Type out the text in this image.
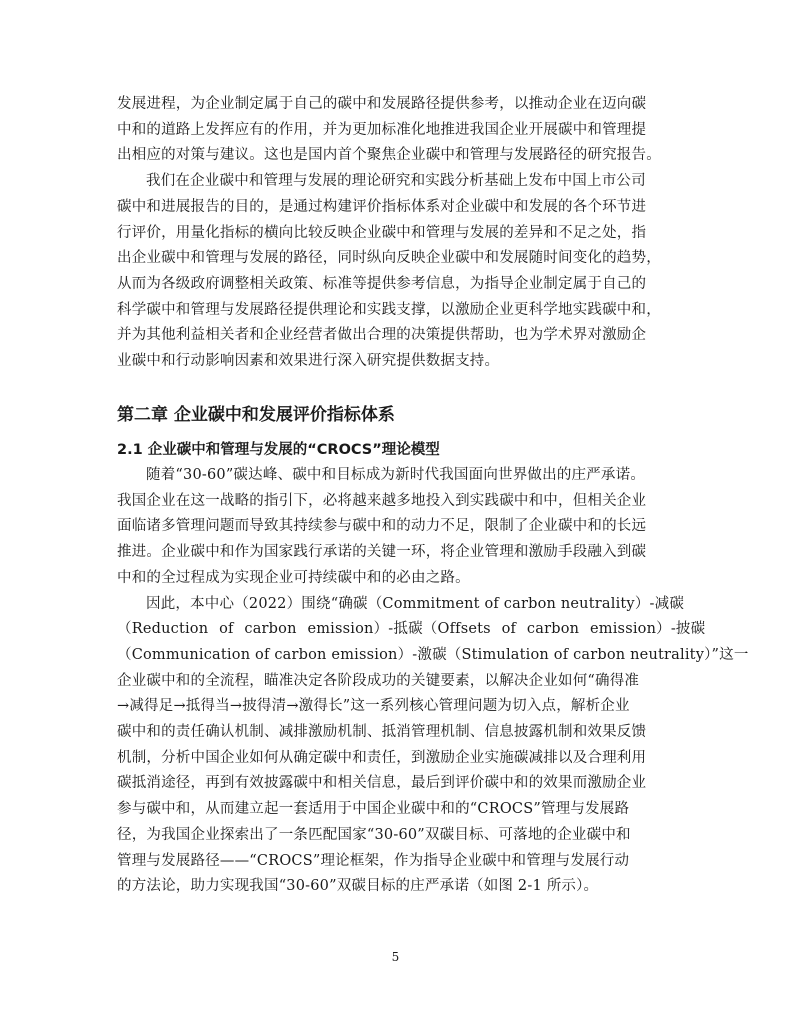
发展进程，为企业制定属于自己的碳中和发展路径提供参考，以推动企业在迈向碳
中和的道路上发挥应有的作用，并为更加标准化地推进我国企业开展碳中和管理提
出相应的对策与建议。这也是国内首个聚焦企业碳中和管理与发展路径的研究报告。

我们在企业碳中和管理与发展的理论研究和实践分析基础上发布中国上市公司
碳中和进展报告的目的，是通过构建评价指标体系对企业碳中和发展的各个环节进
行评价，用量化指标的横向比较反映企业碳中和管理与发展的差异和不足之处，指
出企业碳中和管理与发展的路径，同时纵向反映企业碳中和发展随时间变化的趋势，
从而为各级政府调整相关政策、标准等提供参考信息，为指导企业制定属于自己的
科学碳中和管理与发展路径提供理论和实践支撑，以激励企业更科学地实践碳中和，
并为其他利益相关者和企业经营者做出合理的决策提供帮助，也为学术界对激励企
业碳中和行动影响因素和效果进行深入研究提供数据支持。

第二章 企业碳中和发展评价指标体系
2.1 企业碳中和管理与发展的“CROCS”理论模型

随着“30-60”碳达峰、碳中和目标成为新时代我国面向世界做出的庄严承诺。
我国企业在这一战略的指引下，必将越来越多地投入到实践碳中和中，但相关企业
面临诸多管理问题而导致其持续参与碳中和的动力不足，限制了企业碳中和的长远
推进。企业碳中和作为国家践行承诺的关键一环，将企业管理和激励手段融入到碳
中和的全过程成为实现企业可持续碳中和的必由之路。

因此，本中心（2022）围绕“确碳（Commitment of carbon neutrality）-减碳
（Reduction of carbon emission）-抵碳（Offsets of carbon emission）-披碳
（Communication of carbon emission）-激碳（Stimulation of carbon neutrality）”这一
企业碳中和的全流程，瞄准决定各阶段成功的关键要素，以解决企业如何“确得准
→减得足→抵得当→披得清→激得长”这一系列核心管理问题为切入点，解析企业
碳中和的责任确认机制、减排激励机制、抵消管理机制、信息披露机制和效果反馈
机制，分析中国企业如何从确定碳中和责任，到激励企业实施碳减排以及合理利用
碳抵消途径，再到有效披露碳中和相关信息，最后到评价碳中和的效果而激励企业
参与碳中和，从而建立起一套适用于中国企业碳中和的“CROCS”管理与发展路
径，为我国企业探索出了一条匹配国家“30-60”双碳目标、可落地的企业碳中和
管理与发展路径——“CROCS”理论框架，作为指导企业碳中和管理与发展行动
的方法论，助力实现我国“30-60”双碳目标的庄严承诺（如图 2-1 所示）。

5
